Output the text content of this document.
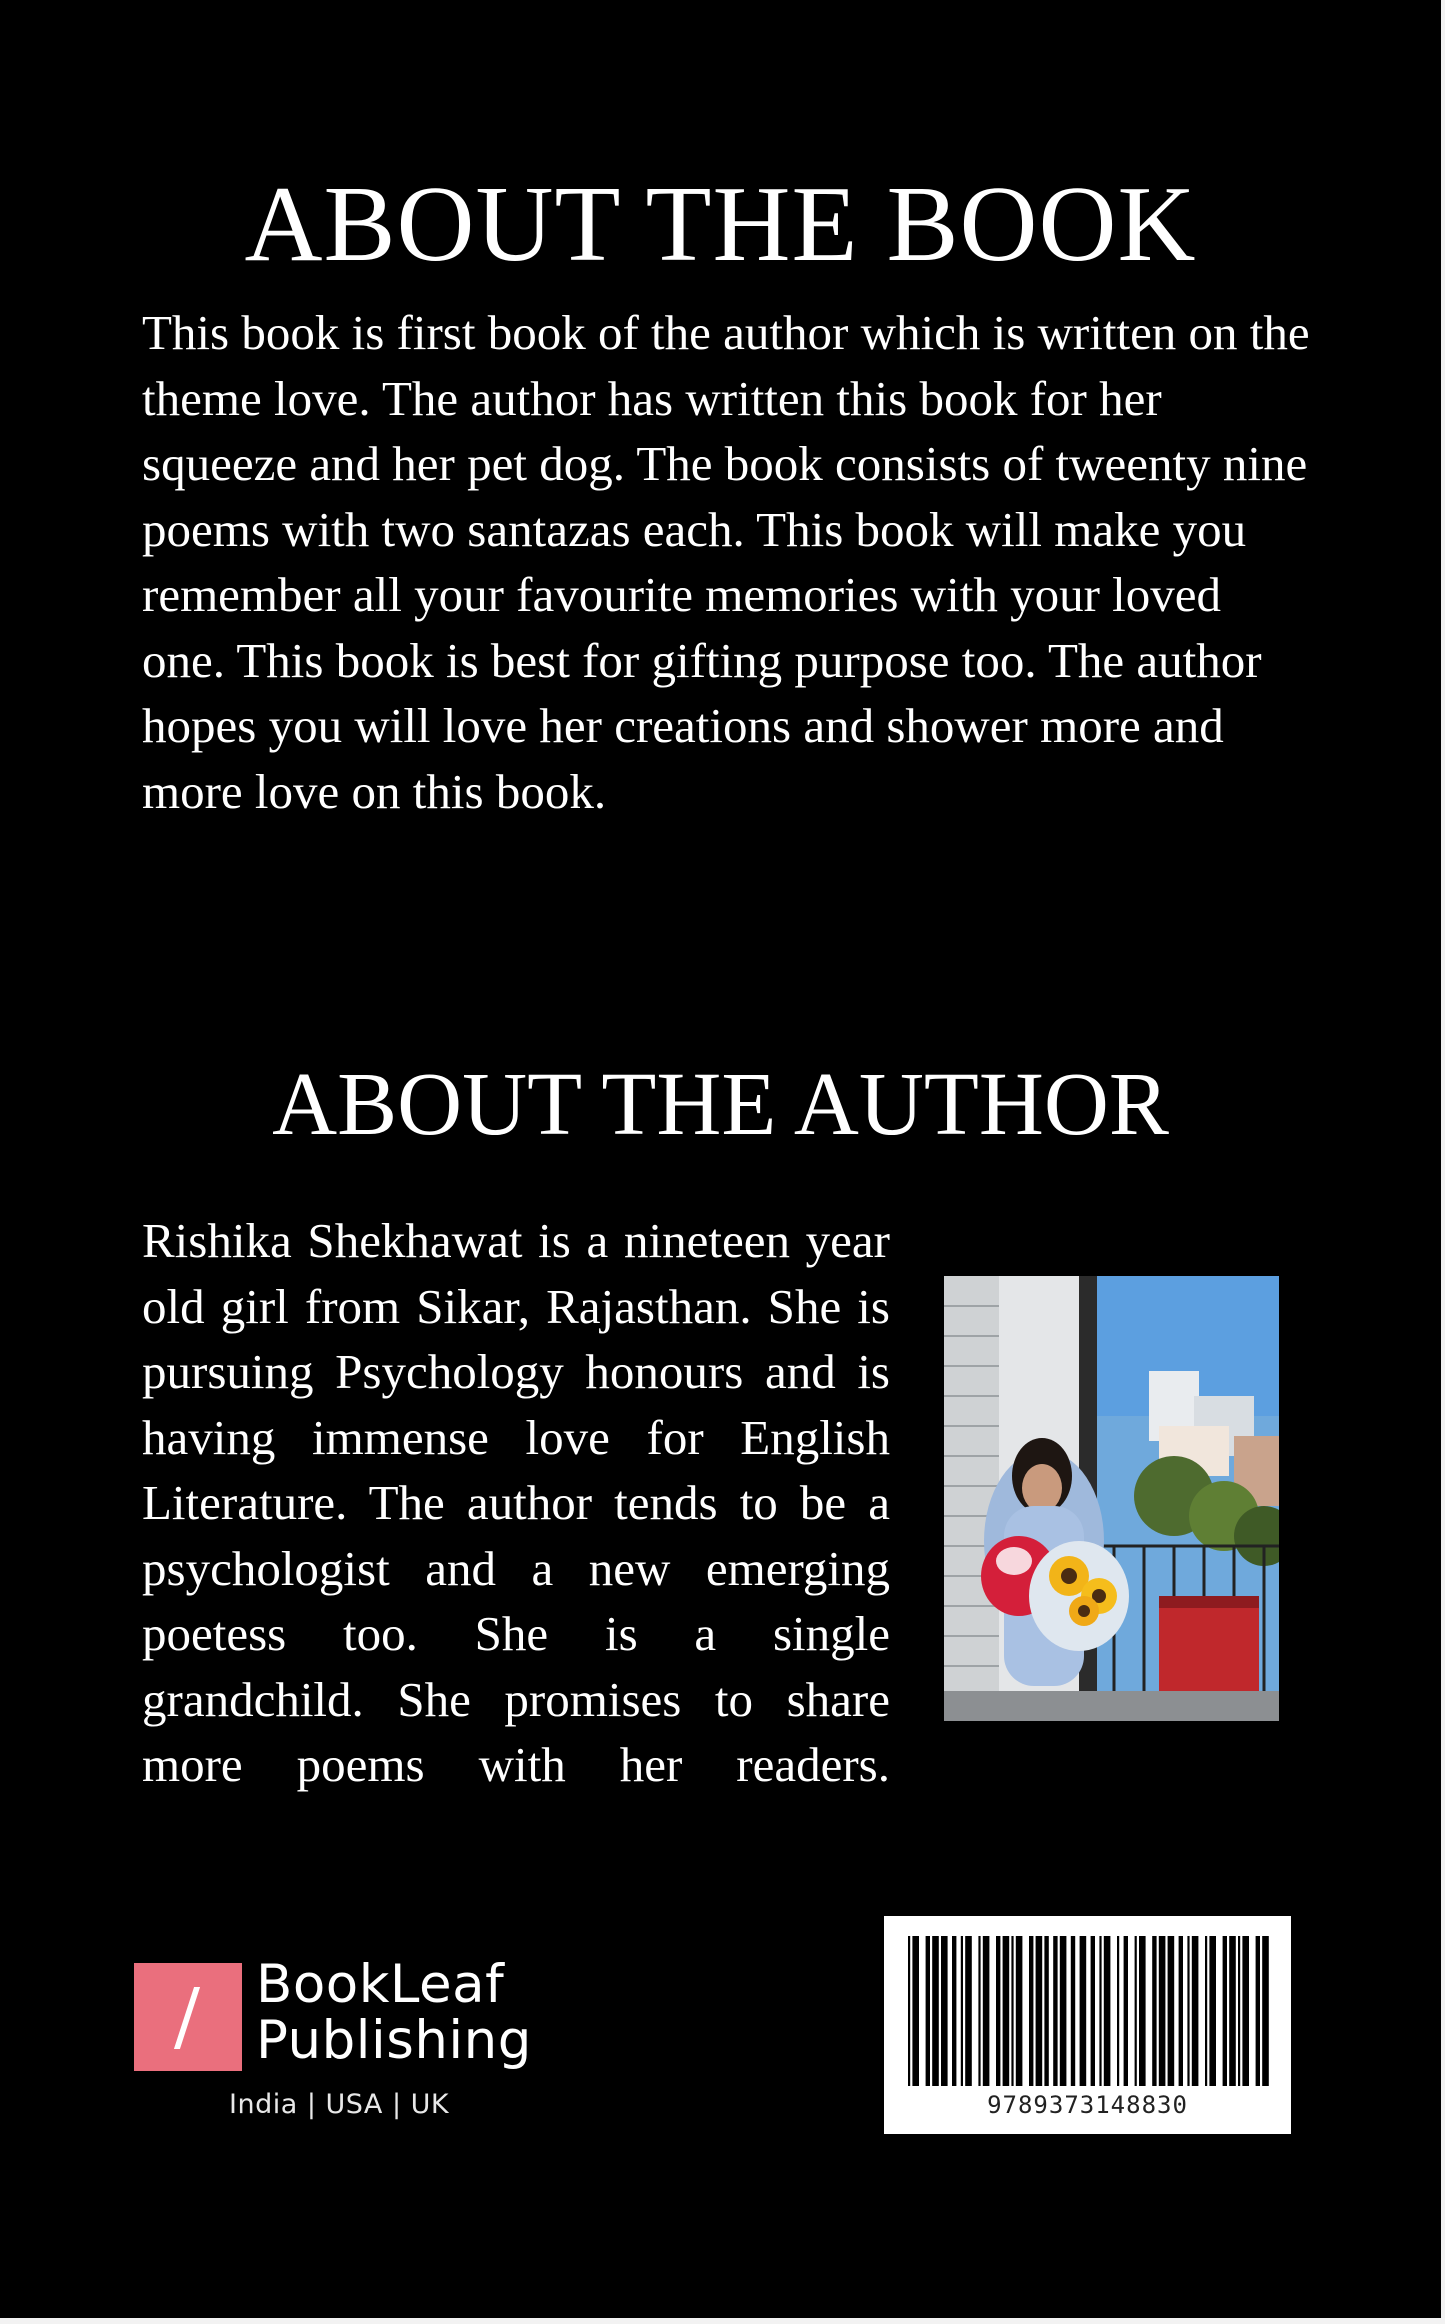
ABOUT THE BOOK

This book is first book of the author which is written on the theme love. The author has written this book for her squeeze and her pet dog. The book consists of tweenty nine poems with two santazas each. This book will make you remember all your favourite memories with your loved one. This book is best for gifting purpose too. The author hopes you will love her creations and shower more and more love on this book.

ABOUT THE AUTHOR

Rishika Shekhawat is a nineteen year old girl from Sikar, Rajasthan. She is pursuing Psychology honours and is having immense love for English Literature. The author tends to be a psychologist and a new emerging poetess too. She is a single grandchild. She promises to share more poems with her readers.

BookLeaf
Publishing
India | USA | UK	9789373148830
